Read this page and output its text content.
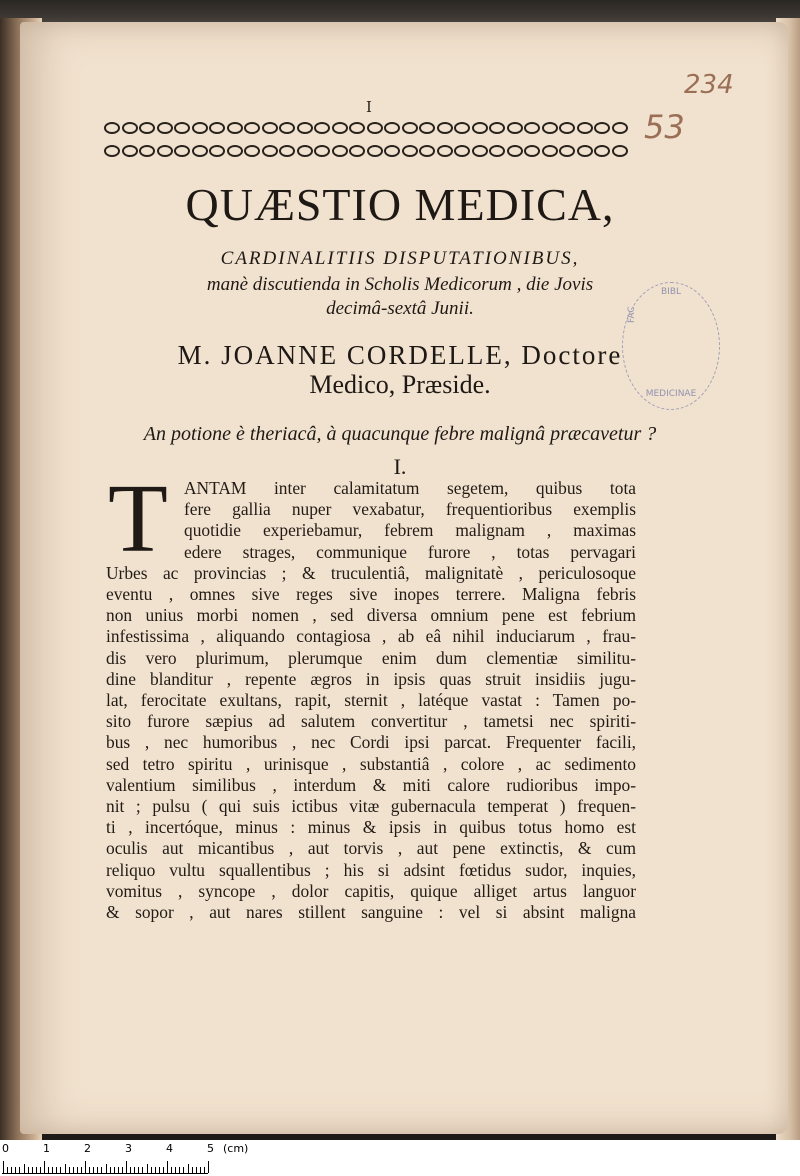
234
53
I
QUÆSTIO MEDICA,
CARDINALITIIS DISPUTATIONIBUS,
manè discutienda in Scholis Medicorum , die Jovis
decimâ-sextâ Junii.
M. JOANNE CORDELLE, Doctore
Medico, Præside.
An potione è theriacâ, à quacunque febre malignâ præcavetur ?
I.
BIBL
FAC
MEDICINAE
T ANTAM inter calamitatum segetem, quibus tota
fere gallia nuper vexabatur, frequentioribus exemplis
quotidie experiebamur, febrem malignam , maximas
edere strages, communique furore , totas pervagari
Urbes ac provincias ; & truculentiâ, malignitatè , periculosoque
eventu , omnes sive reges sive inopes terrere. Maligna febris
non unius morbi nomen , sed diversa omnium pene est febrium
infestissima , aliquando contagiosa , ab eâ nihil induciarum , frau-
dis vero plurimum, plerumque enim dum clementiæ similitu-
dine blanditur , repente ægros in ipsis quas struit insidiis jugu-
lat, ferocitate exultans, rapit, sternit , latéque vastat : Tamen po-
sito furore sæpius ad salutem convertitur , tametsi nec spiriti-
bus , nec humoribus , nec Cordi ipsi parcat. Frequenter facili,
sed tetro spiritu , urinisque , substantiâ , colore , ac sedimento
valentium similibus , interdum & miti calore rudioribus impo-
nit ; pulsu ( qui suis ictibus vitæ gubernacula temperat ) frequen-
ti , incertóque, minus : minus & ipsis in quibus totus homo est
oculis aut micantibus , aut torvis , aut pene extinctis, & cum
reliquo vultu squallentibus ; his si adsint fœtidus sudor, inquies,
vomitus , syncope , dolor capitis, quique alliget artus languor
& sopor , aut nares stillent sanguine : vel si absint maligna
0	1	2	3	4	5 (cm)
